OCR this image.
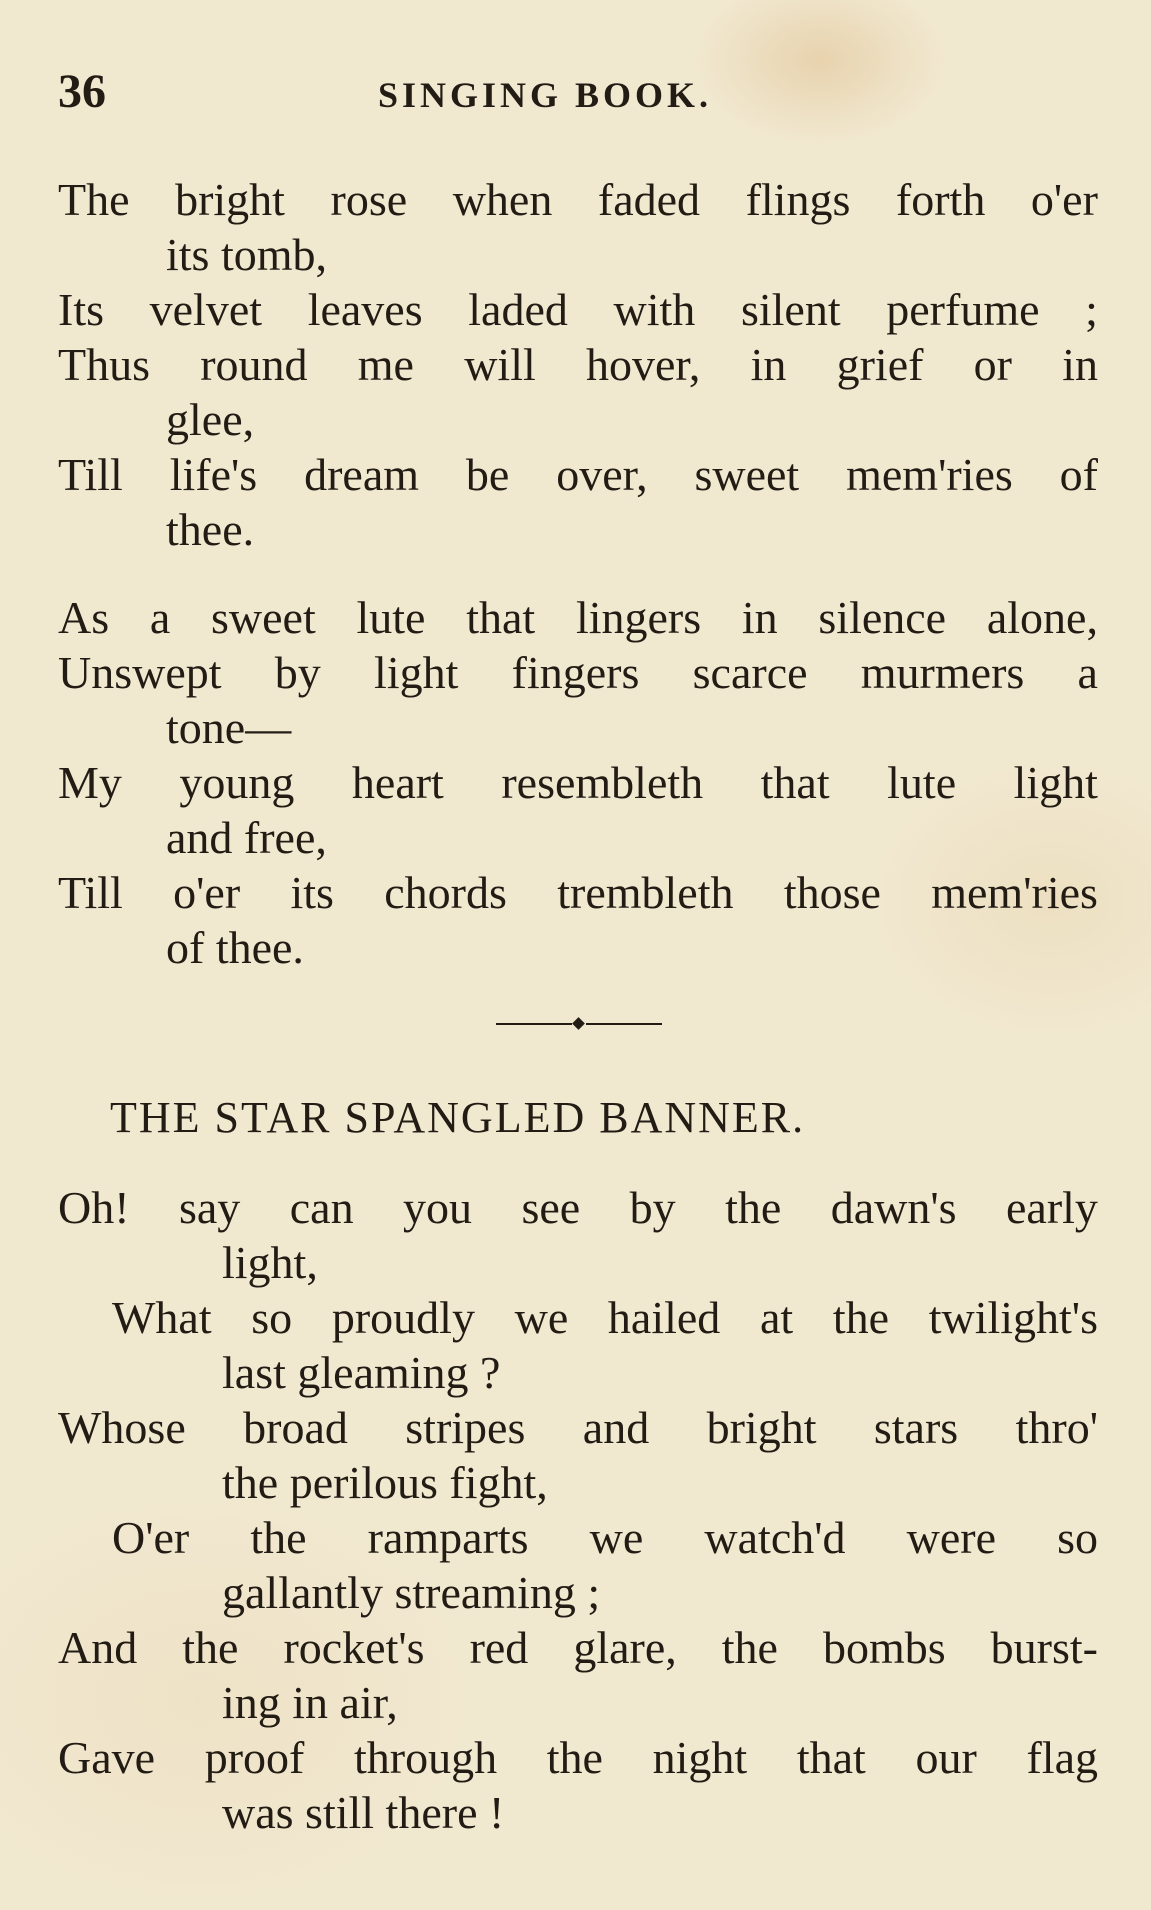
36	SINGING BOOK.
The bright rose when faded flings forth o'er
its tomb,
Its velvet leaves laded with silent perfume ;
Thus round me will hover, in grief or in
glee,
Till life's dream be over, sweet mem'ries of
thee.
As a sweet lute that lingers in silence alone,
Unswept by light fingers scarce murmers a
tone—
My young heart resembleth that lute light
and free,
Till o'er its chords trembleth those mem'ries
of thee.
THE STAR SPANGLED BANNER.
Oh! say can you see by the dawn's early
light,
What so proudly we hailed at the twilight's
last gleaming ?
Whose broad stripes and bright stars thro'
the perilous fight,
O'er the ramparts we watch'd were so
gallantly streaming ;
And the rocket's red glare, the bombs burst-
ing in air,
Gave proof through the night that our flag
was still there !
